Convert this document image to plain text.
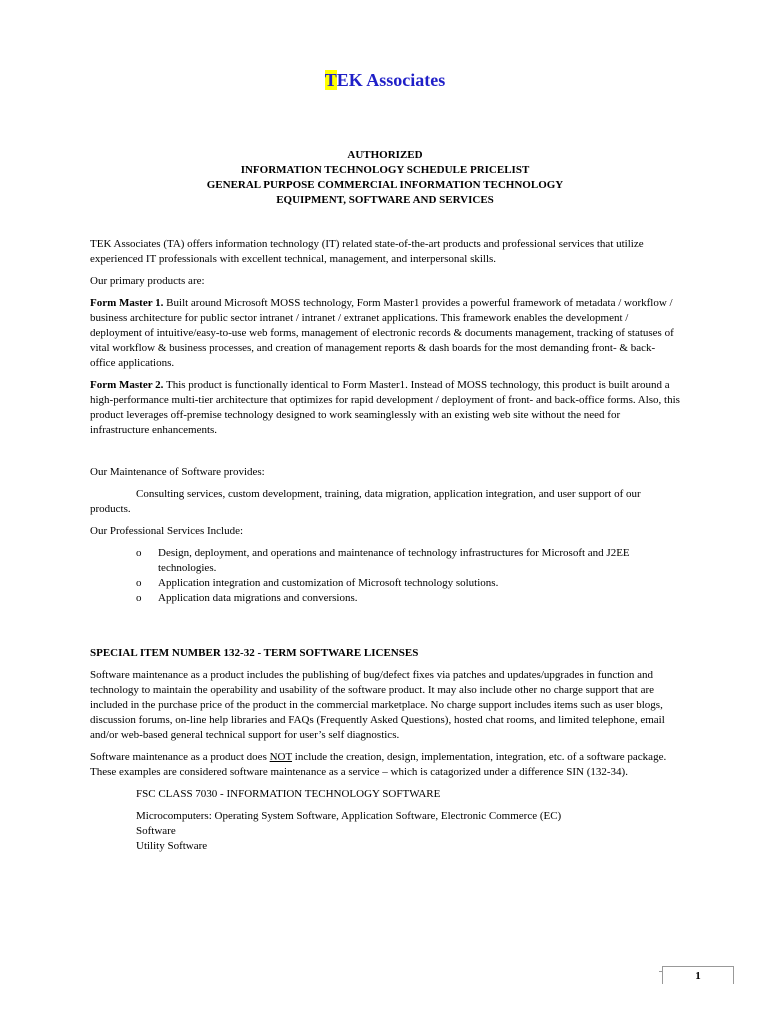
TEK Associates
AUTHORIZED
INFORMATION TECHNOLOGY SCHEDULE PRICELIST
GENERAL PURPOSE COMMERCIAL INFORMATION TECHNOLOGY
EQUIPMENT, SOFTWARE AND SERVICES

TEK Associates (TA) offers information technology (IT) related state-of-the-art products and professional services that utilize experienced IT professionals with excellent technical, management, and interpersonal skills.

Our primary products are:

Form Master 1. Built around Microsoft MOSS technology, Form Master1 provides a powerful framework of metadata / workflow / business architecture for public sector intranet / intranet / extranet applications. This framework enables the development / deployment of intuitive/easy-to-use web forms, management of electronic records & documents management, tracking of statuses of vital workflow & business processes, and creation of management reports & dash boards for the most demanding front- & back-office applications.

Form Master 2. This product is functionally identical to Form Master1. Instead of MOSS technology, this product is built around a high-performance multi-tier architecture that optimizes for rapid development / deployment of front- and back-office forms. Also, this product leverages off-premise technology designed to work seaminglessly with an existing web site without the need for infrastructure enhancements.

Our Maintenance of Software provides:

Consulting services, custom development, training, data migration, application integration, and user support of our products.

Our Professional Services Include:

o Design, deployment, and operations and maintenance of technology infrastructures for Microsoft and J2EE technologies.
o Application integration and customization of Microsoft technology solutions.
o Application data migrations and conversions.

SPECIAL ITEM NUMBER 132-32 - TERM SOFTWARE LICENSES

Software maintenance as a product includes the publishing of bug/defect fixes via patches and updates/upgrades in function and technology to maintain the operability and usability of the software product. It may also include other no charge support that are included in the purchase price of the product in the commercial marketplace. No charge support includes items such as user blogs, discussion forums, on-line help libraries and FAQs (Frequently Asked Questions), hosted chat rooms, and limited telephone, email and/or web-based general technical support for user’s self diagnostics.

Software maintenance as a product does NOT include the creation, design, implementation, integration, etc. of a software package. These examples are considered software maintenance as a service – which is catagorized under a difference SIN (132-34).

FSC CLASS 7030 - INFORMATION TECHNOLOGY SOFTWARE

Microcomputers: Operating System Software, Application Software, Electronic Commerce (EC)
Software
Utility Software
1
